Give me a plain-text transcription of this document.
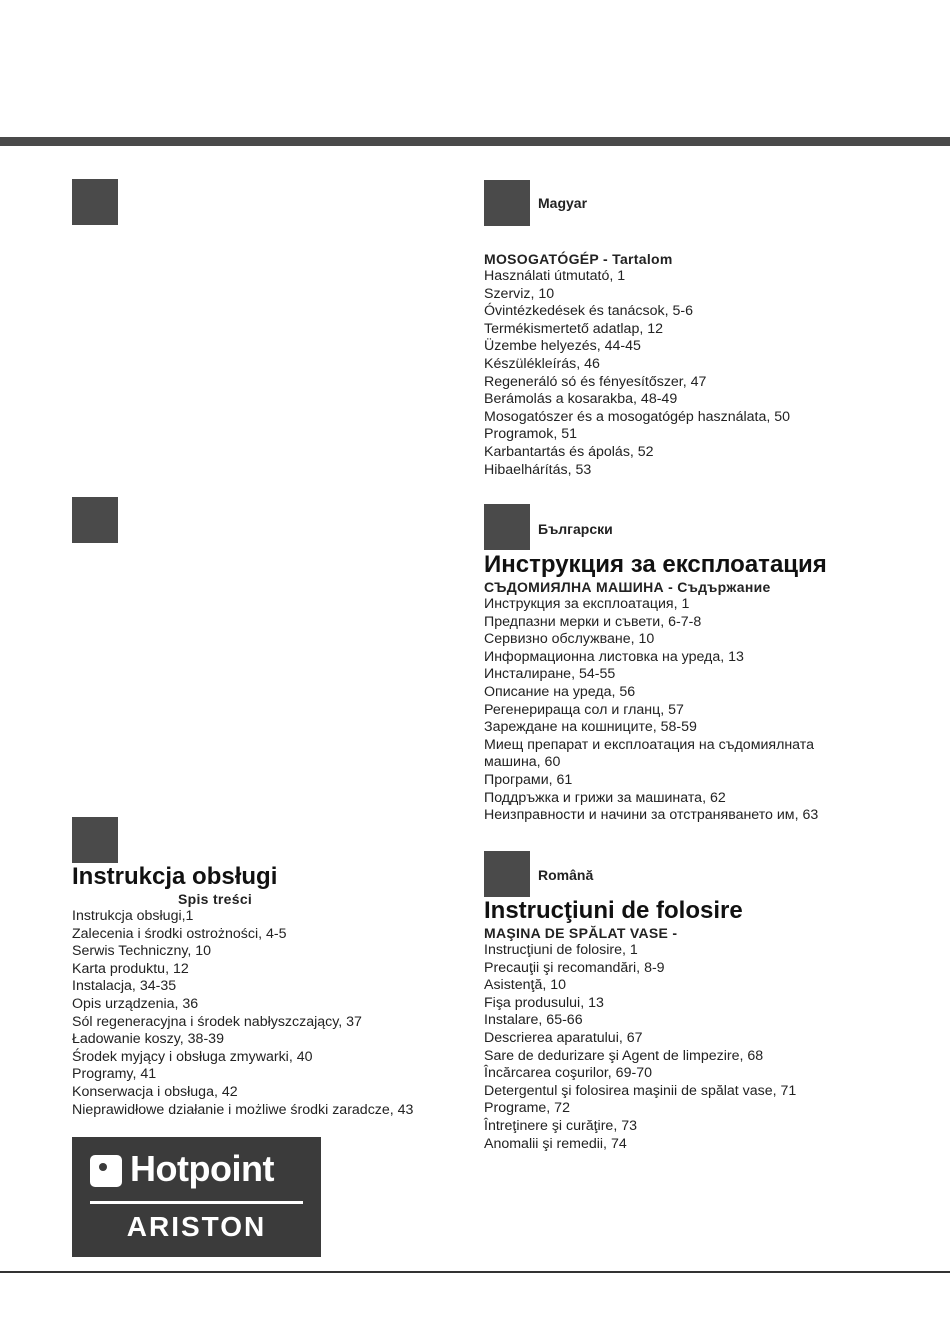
Magyar
Български
Română
Instrukcja obsługi

Spis treści

Instrukcja obsługi,1
Zalecenia i środki ostrożności, 4-5
Serwis Techniczny, 10
Karta produktu, 12
Instalacja, 34-35
Opis urządzenia, 36
Sól regeneracyjna i środek nabłyszczający, 37
Ładowanie koszy, 38-39
Środek myjący i obsługa zmywarki, 40
Programy, 41
Konserwacja i obsługa, 42
Nieprawidłowe działanie i możliwe środki zaradcze, 43

MOSOGATÓGÉP - Tartalom

Használati útmutató, 1
Szerviz, 10
Óvintézkedések és tanácsok, 5-6
Termékismertető adatlap, 12
Üzembe helyezés, 44-45
Készülékleírás, 46
Regeneráló só és fényesítőszer, 47
Berámolás a kosarakba, 48-49
Mosogatószer és a mosogatógép használata, 50
Programok, 51
Karbantartás és ápolás, 52
Hibaelhárítás, 53
Инструкция за експлоатация

СЪДОМИЯЛНА МАШИНА - Съдържание

Инструкция за експлоатация, 1
Предпазни мерки и съвети, 6-7-8
Сервизно обслужване, 10
Информационна листовка на уреда, 13
Инсталиране, 54-55
Описание на уреда, 56
Регенерираща сол и гланц, 57
Зареждане на кошниците, 58-59
Миещ препарат и експлоатация на съдомиялната машина, 60
Програми, 61
Поддръжка и грижи за машината, 62
Неизправности и начини за отстраняването им, 63
Instrucţiuni de folosire

MAŞINA DE SPĂLAT VASE -

Instrucţiuni de folosire, 1
Precauţii şi recomandări, 8-9
Asistenţă, 10
Fişa produsului, 13
Instalare, 65-66
Descrierea aparatului, 67
Sare de dedurizare şi Agent de limpezire, 68
Încărcarea coşurilor, 69-70
Detergentul şi folosirea maşinii de spălat vase, 71
Programe, 72
Întreţinere şi curăţire, 73
Anomalii şi remedii, 74
Hotpoint
ARISTON
